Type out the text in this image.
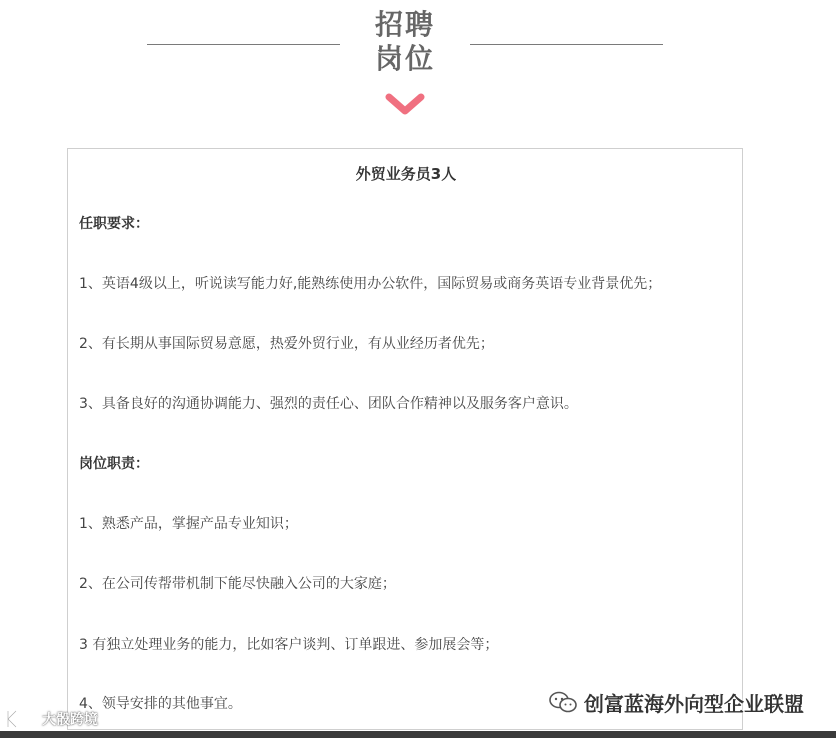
招聘
岗位
外贸业务员3人
任职要求：
1、英语4级以上，听说读写能力好,能熟练使用办公软件，国际贸易或商务英语专业背景优先；
2、有长期从事国际贸易意愿，热爱外贸行业，有从业经历者优先；
3、具备良好的沟通协调能力、强烈的责任心、团队合作精神以及服务客户意识。
岗位职责：
1、熟悉产品，掌握产品专业知识；
2、在公司传帮带机制下能尽快融入公司的大家庭；
3 有独立处理业务的能力，比如客户谈判、订单跟进、参加展会等；
4、领导安排的其他事宜。
大骰跨境
创富蓝海外向型企业联盟
